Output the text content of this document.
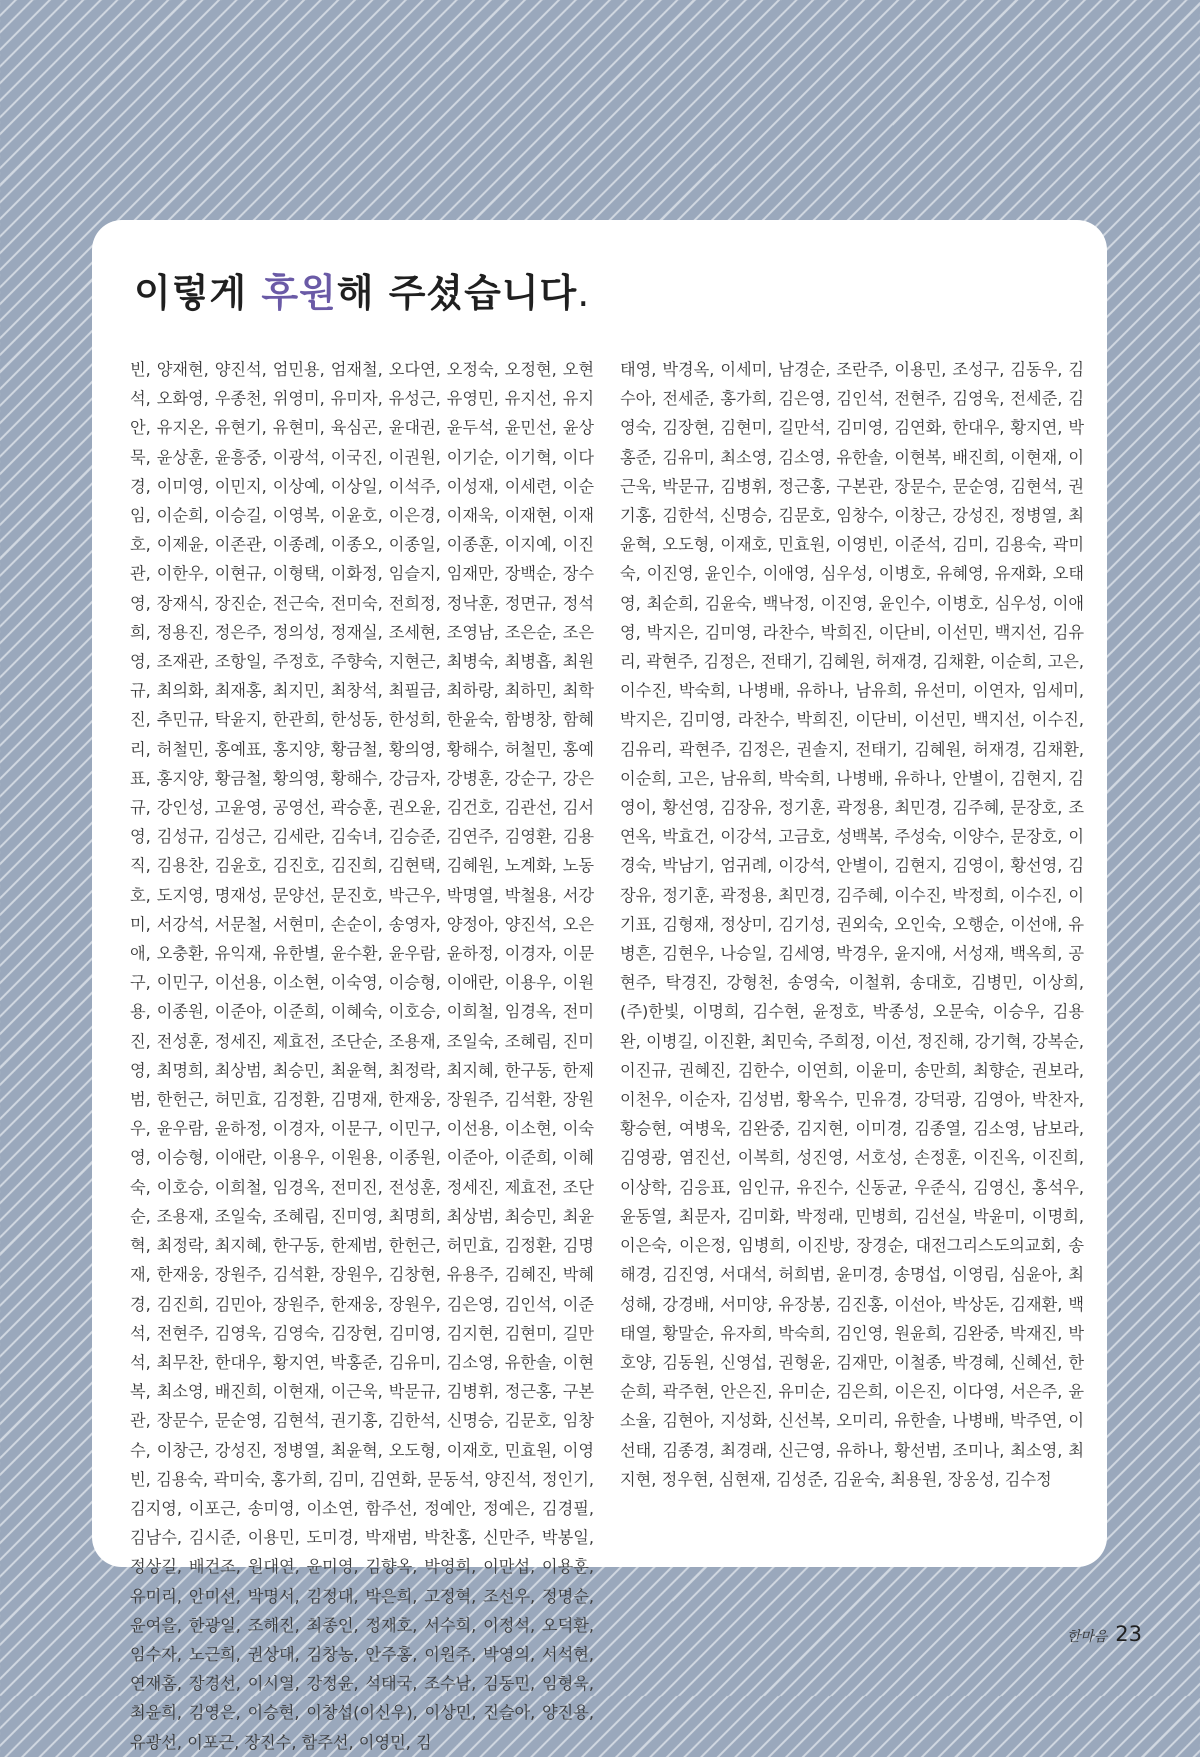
이렇게 후원해 주셨습니다.

빈, 양재현, 양진석, 엄민용, 엄재철, 오다연, 오정숙, 오정현, 오현석, 오화영, 우종천, 위영미, 유미자, 유성근, 유영민, 유지선, 유지안, 유지온, 유현기, 유현미, 육심곤, 윤대권, 윤두석, 윤민선, 윤상묵, 윤상훈, 윤흥중, 이광석, 이국진, 이권원, 이기순, 이기혁, 이다경, 이미영, 이민지, 이상예, 이상일, 이석주, 이성재, 이세련, 이순임, 이순희, 이승길, 이영복, 이윤호, 이은경, 이재욱, 이재현, 이재호, 이제윤, 이존관, 이종례, 이종오, 이종일, 이종훈, 이지예, 이진관, 이한우, 이현규, 이형택, 이화정, 임슬지, 임재만, 장백순, 장수영, 장재식, 장진순, 전근숙, 전미숙, 전희정, 정낙훈, 정면규, 정석희, 정용진, 정은주, 정의성, 정재실, 조세현, 조영남, 조은순, 조은영, 조재관, 조항일, 주정호, 주향숙, 지현근, 최병숙, 최병흡, 최원규, 최의화, 최재홍, 최지민, 최창석, 최필금, 최하랑, 최하민, 최학진, 추민규, 탁윤지, 한관희, 한성동, 한성희, 한윤숙, 함병창, 함혜리, 허철민, 홍예표, 홍지양, 황금철, 황의영, 황해수, 허철민, 홍예표, 홍지양, 황금철, 황의영, 황해수, 강금자, 강병훈, 강순구, 강은규, 강인성, 고윤영, 공영선, 곽승훈, 권오윤, 김건호, 김관선, 김서영, 김성규, 김성근, 김세란, 김숙녀, 김승준, 김연주, 김영환, 김용직, 김용찬, 김윤호, 김진호, 김진희, 김현택, 김혜원, 노계화, 노동호, 도지영, 명재성, 문양선, 문진호, 박근우, 박명열, 박철용, 서강미, 서강석, 서문철, 서현미, 손순이, 송영자, 양정아, 양진석, 오은애, 오충환, 유익재, 유한별, 윤수환, 윤우람, 윤하정, 이경자, 이문구, 이민구, 이선용, 이소현, 이숙영, 이승형, 이애란, 이용우, 이원용, 이종원, 이준아, 이준희, 이혜숙, 이호승, 이희철, 임경옥, 전미진, 전성훈, 정세진, 제효전, 조단순, 조용재, 조일숙, 조혜림, 진미영, 최명희, 최상범, 최승민, 최윤혁, 최정락, 최지혜, 한구동, 한제범, 한헌근, 허민효, 김정환, 김명재, 한재웅, 장원주, 김석환, 장원우, 윤우람, 윤하정, 이경자, 이문구, 이민구, 이선용, 이소현, 이숙영, 이승형, 이애란, 이용우, 이원용, 이종원, 이준아, 이준희, 이혜숙, 이호승, 이희철, 임경옥, 전미진, 전성훈, 정세진, 제효전, 조단순, 조용재, 조일숙, 조혜림, 진미영, 최명희, 최상범, 최승민, 최윤혁, 최정락, 최지혜, 한구동, 한제범, 한헌근, 허민효, 김정환, 김명재, 한재웅, 장원주, 김석환, 장원우, 김창현, 유용주, 김혜진, 박혜경, 김진희, 김민아, 장원주, 한재웅, 장원우, 김은영, 김인석, 이준석, 전현주, 김영욱, 김영숙, 김장현, 김미영, 김지현, 김현미, 길만석, 최무찬, 한대우, 황지연, 박홍준, 김유미, 김소영, 유한솔, 이현복, 최소영, 배진희, 이현재, 이근욱, 박문규, 김병휘, 정근홍, 구본관, 장문수, 문순영, 김현석, 권기홍, 김한석, 신명승, 김문호, 임창수, 이창근, 강성진, 정병열, 최윤혁, 오도형, 이재호, 민효원, 이영빈, 김용숙, 곽미숙, 홍가희, 김미, 김연화, 문동석, 양진석, 정인기, 김지영, 이포근, 송미영, 이소연, 함주선, 정예안, 정예은, 김경필, 김남수, 김시준, 이용민, 도미경, 박재범, 박찬홍, 신만주, 박봉일, 정상길, 배건조, 원대연, 윤미영, 김향옥, 박영희, 이만섭, 이용훈, 유미리, 안미선, 박명서, 김정대, 박은희, 고정혁, 조선우, 정명순, 윤여을, 한광일, 조해진, 최종인, 정재호, 서수희, 이정석, 오덕환, 임수자, 노근희, 권상대, 김창농, 안주홍, 이원주, 박영의, 서석현, 연재홈, 장경선, 이시열, 강정윤, 석태국, 조수남, 김동민, 임형욱, 최윤희, 김영은, 이승현, 이창섭(이신우), 이상민, 진슬아, 양진용, 유광선, 이포근, 장진수, 함주선, 이영민, 김

태영, 박경옥, 이세미, 남경순, 조란주, 이용민, 조성구, 김동우, 김수아, 전세준, 홍가희, 김은영, 김인석, 전현주, 김영욱, 전세준, 김영숙, 김장현, 김현미, 길만석, 김미영, 김연화, 한대우, 황지연, 박홍준, 김유미, 최소영, 김소영, 유한솔, 이현복, 배진희, 이현재, 이근욱, 박문규, 김병휘, 정근홍, 구본관, 장문수, 문순영, 김현석, 권기홍, 김한석, 신명승, 김문호, 임창수, 이창근, 강성진, 정병열, 최윤혁, 오도형, 이재호, 민효원, 이영빈, 이준석, 김미, 김용숙, 곽미숙, 이진영, 윤인수, 이애영, 심우성, 이병호, 유혜영, 유재화, 오태영, 최순희, 김윤숙, 백낙정, 이진영, 윤인수, 이병호, 심우성, 이애영, 박지은, 김미영, 라찬수, 박희진, 이단비, 이선민, 백지선, 김유리, 곽현주, 김정은, 전태기, 김혜원, 허재경, 김채환, 이순희, 고은, 이수진, 박숙희, 나병배, 유하나, 남유희, 유선미, 이연자, 임세미, 박지은, 김미영, 라찬수, 박희진, 이단비, 이선민, 백지선, 이수진, 김유리, 곽현주, 김정은, 권솔지, 전태기, 김혜원, 허재경, 김채환, 이순희, 고은, 남유희, 박숙희, 나병배, 유하나, 안별이, 김현지, 김영이, 황선영, 김장유, 정기훈, 곽정용, 최민경, 김주혜, 문장호, 조연옥, 박효건, 이강석, 고금호, 성백복, 주성숙, 이양수, 문장호, 이경숙, 박남기, 엄귀례, 이강석, 안별이, 김현지, 김영이, 황선영, 김장유, 정기훈, 곽정용, 최민경, 김주혜, 이수진, 박정희, 이수진, 이기표, 김형재, 정상미, 김기성, 권외숙, 오인숙, 오행순, 이선애, 유병흔, 김현우, 나승일, 김세영, 박경우, 윤지애, 서성재, 백옥희, 공현주, 탁경진, 강형천, 송영숙, 이철휘, 송대호, 김병민, 이상희, (주)한빛, 이명희, 김수현, 윤정호, 박종성, 오문숙, 이승우, 김용완, 이병길, 이진환, 최민숙, 주희정, 이선, 정진해, 강기혁, 강복순, 이진규, 권혜진, 김한수, 이연희, 이윤미, 송만희, 최향순, 권보라, 이천우, 이순자, 김성범, 황옥수, 민유경, 강덕광, 김영아, 박찬자, 황승현, 여병욱, 김완중, 김지현, 이미경, 김종열, 김소영, 남보라, 김영광, 염진선, 이복희, 성진영, 서호성, 손정훈, 이진옥, 이진희, 이상학, 김응표, 임인규, 유진수, 신동균, 우준식, 김영신, 홍석우, 윤동열, 최문자, 김미화, 박정래, 민병희, 김선실, 박윤미, 이명희, 이은숙, 이은정, 임병희, 이진방, 장경순, 대전그리스도의교회, 송해경, 김진영, 서대석, 허희범, 윤미경, 송명섭, 이영림, 심윤아, 최성해, 강경배, 서미양, 유장봉, 김진홍, 이선아, 박상돈, 김재환, 백태열, 황말순, 유자희, 박숙희, 김인영, 원윤희, 김완중, 박재진, 박호양, 김동원, 신영섭, 권형윤, 김재만, 이철종, 박경혜, 신혜선, 한순희, 곽주현, 안은진, 유미순, 김은희, 이은진, 이다영, 서은주, 윤소율, 김현아, 지성화, 신선복, 오미리, 유한솔, 나병배, 박주연, 이선태, 김종경, 최경래, 신근영, 유하나, 황선범, 조미나, 최소영, 최지현, 정우현, 심현재, 김성준, 김윤숙, 최용원, 장옹성, 김수정

한마음 23
